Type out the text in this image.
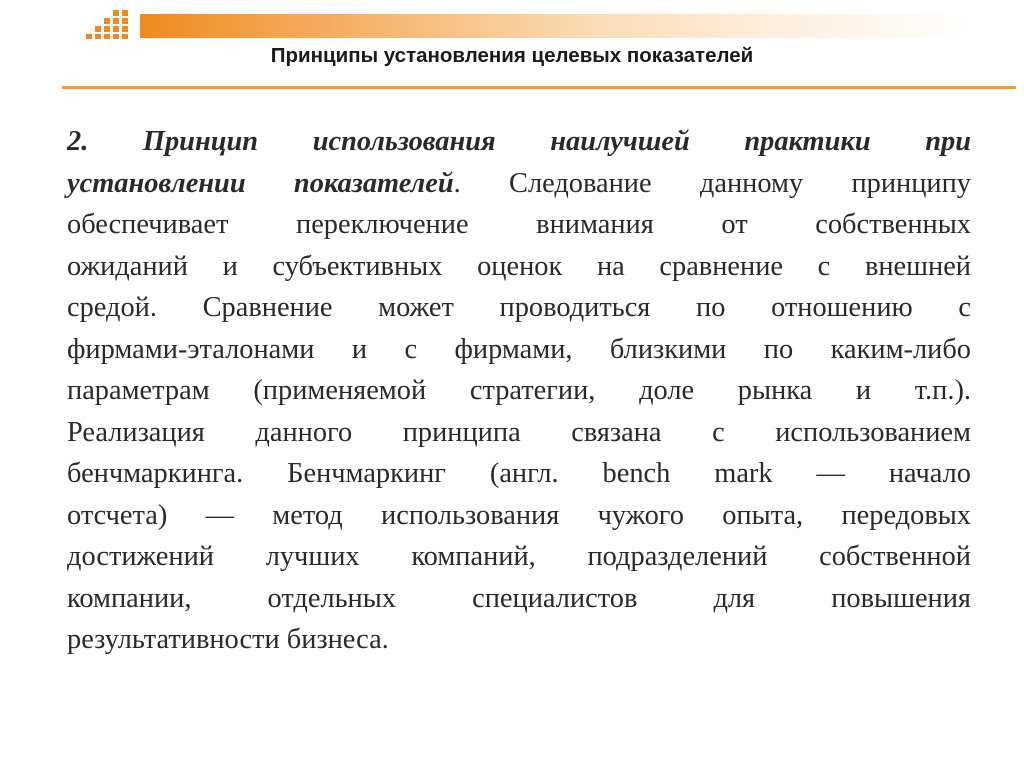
Принципы установления целевых показателей
2. Принцип использования наилучшей практики при
установлении показателей. Следование данному принципу
обеспечивает переключение внимания от собственных
ожиданий и субъективных оценок на сравнение с внешней
средой. Сравнение может проводиться по отношению с
фирмами-эталонами и с фирмами, близкими по каким-либо
параметрам (применяемой стратегии, доле рынка и т.п.).
Реализация данного принципа связана с использованием
бенчмаркинга. Бенчмаркинг (англ. bench mark — начало
отсчета) — метод использования чужого опыта, передовых
достижений лучших компаний, подразделений собственной
компании, отдельных специалистов для повышения
результативности бизнеса.
